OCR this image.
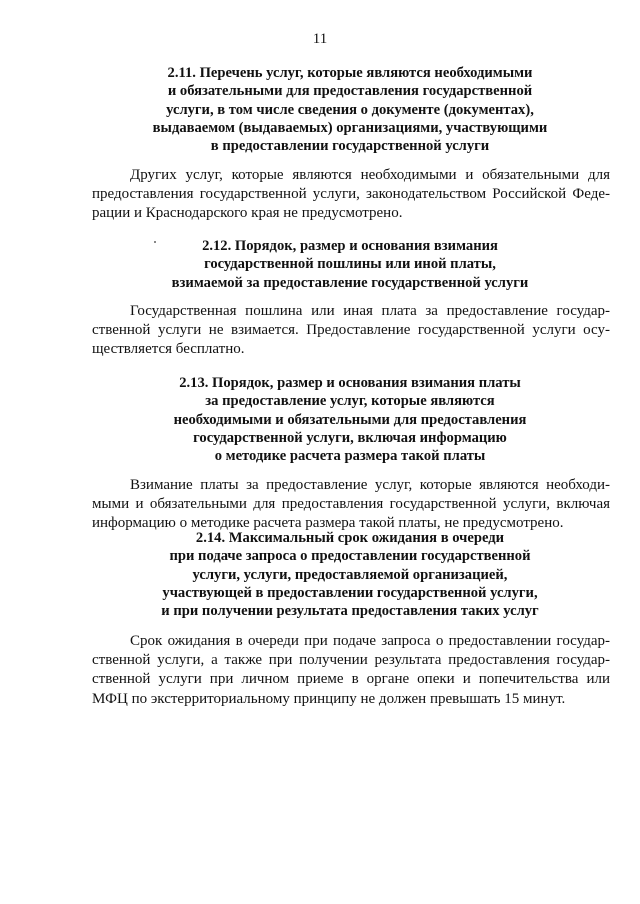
11
2.11. Перечень услуг, которые являются необходимыми
и обязательными для предоставления государственной
услуги, в том числе сведения о документе (документах),
выдаваемом (выдаваемых) организациями, участвующими
в предоставлении государственной услуги
Других услуг, которые являются необходимыми и обязательными для
предоставления государственной услуги, законодательством Российской Феде-
рации и Краснодарского края не предусмотрено.
2.12. Порядок, размер и основания взимания
государственной пошлины или иной платы,
взимаемой за предоставление государственной услуги
Государственная пошлина или иная плата за предоставление государ-
ственной услуги не взимается. Предоставление государственной услуги осу-
ществляется бесплатно.
2.13. Порядок, размер и основания взимания платы
за предоставление услуг, которые являются
необходимыми и обязательными для предоставления
государственной услуги, включая информацию
о методике расчета размера такой платы
Взимание платы за предоставление услуг, которые являются необходи-
мыми и обязательными для предоставления государственной услуги, включая
информацию о методике расчета размера такой платы, не предусмотрено.
2.14. Максимальный срок ожидания в очереди
при подаче запроса о предоставлении государственной
услуги, услуги, предоставляемой организацией,
участвующей в предоставлении государственной услуги,
и при получении результата предоставления таких услуг
Срок ожидания в очереди при подаче запроса о предоставлении государ-
ственной услуги, а также при получении результата предоставления государ-
ственной услуги при личном приеме в органе опеки и попечительства или
МФЦ по экстерриториальному принципу не должен превышать 15 минут.
